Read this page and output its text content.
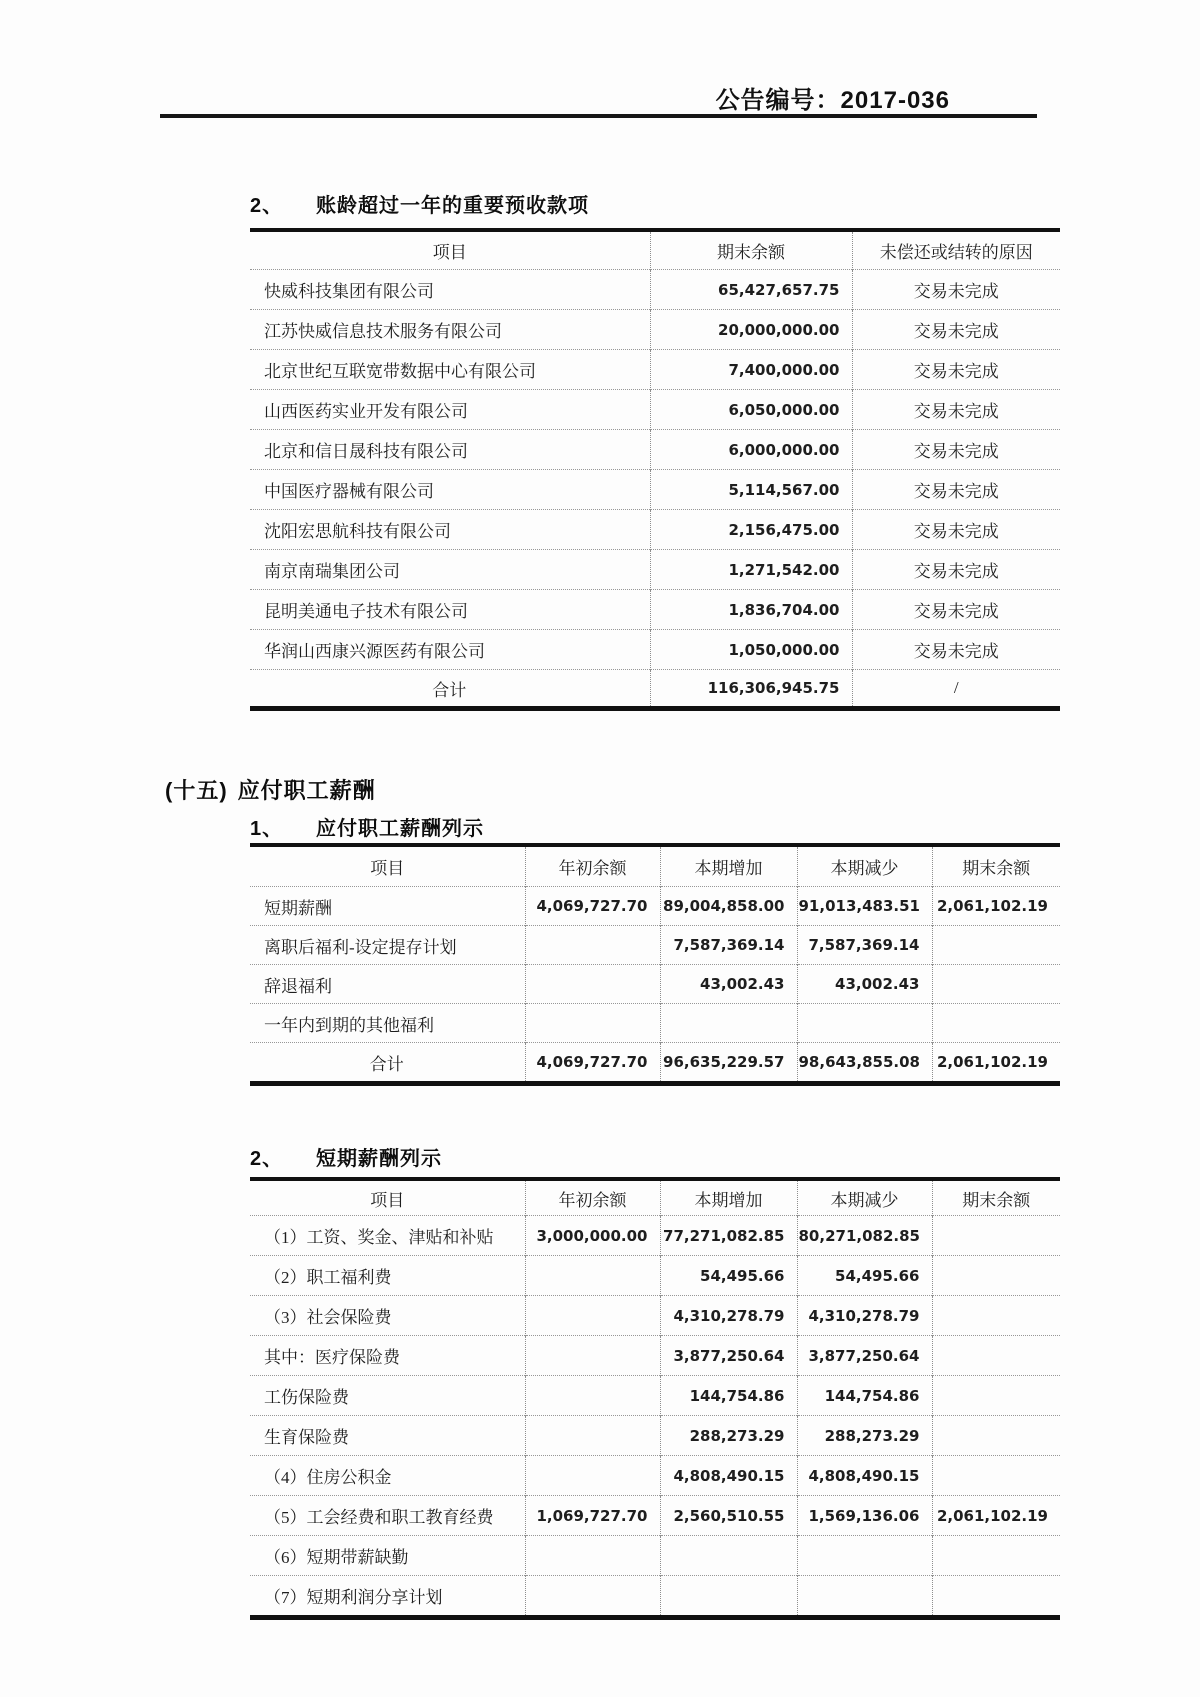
公告编号：2017-036
2、 账龄超过一年的重要预收款项
项目	期末余额	未偿还或结转的原因
快威科技集团有限公司	65,427,657.75	交易未完成
江苏快威信息技术服务有限公司	20,000,000.00	交易未完成
北京世纪互联宽带数据中心有限公司	7,400,000.00	交易未完成
山西医药实业开发有限公司	6,050,000.00	交易未完成
北京和信日晟科技有限公司	6,000,000.00	交易未完成
中国医疗器械有限公司	5,114,567.00	交易未完成
沈阳宏思航科技有限公司	2,156,475.00	交易未完成
南京南瑞集团公司	1,271,542.00	交易未完成
昆明美通电子技术有限公司	1,836,704.00	交易未完成
华润山西康兴源医药有限公司	1,050,000.00	交易未完成
合计	116,306,945.75	/
(十五) 应付职工薪酬
1、 应付职工薪酬列示
项目	年初余额	本期增加	本期减少	期末余额
短期薪酬	4,069,727.70	89,004,858.00	91,013,483.51	2,061,102.19
离职后福利-设定提存计划		7,587,369.14	7,587,369.14	
辞退福利		43,002.43	43,002.43	
一年内到期的其他福利				
合计	4,069,727.70	96,635,229.57	98,643,855.08	2,061,102.19
2、 短期薪酬列示
项目	年初余额	本期增加	本期减少	期末余额
（1）工资、奖金、津贴和补贴	3,000,000.00	77,271,082.85	80,271,082.85	
（2）职工福利费		54,495.66	54,495.66	
（3）社会保险费		4,310,278.79	4,310,278.79	
其中：医疗保险费		3,877,250.64	3,877,250.64	
工伤保险费		144,754.86	144,754.86	
生育保险费		288,273.29	288,273.29	
（4）住房公积金		4,808,490.15	4,808,490.15	
（5）工会经费和职工教育经费	1,069,727.70	2,560,510.55	1,569,136.06	2,061,102.19
（6）短期带薪缺勤				
（7）短期利润分享计划				
